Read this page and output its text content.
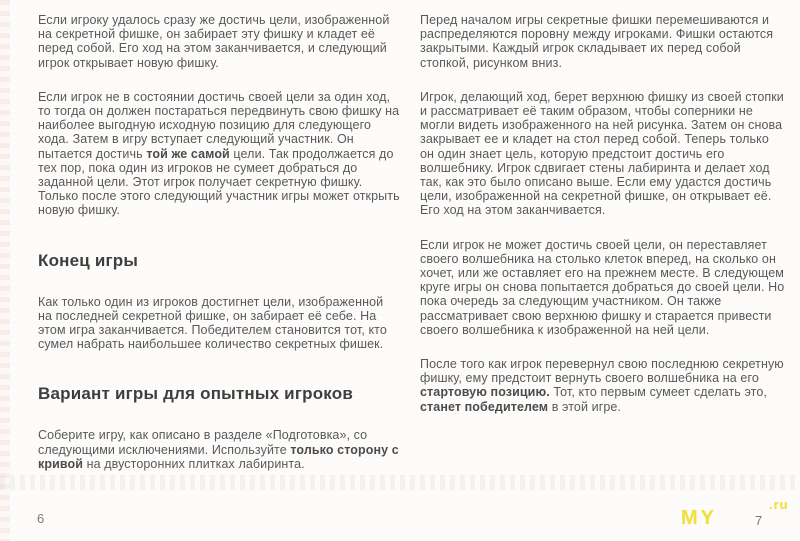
Если игроку удалось сразу же достичь цели, изображенной на секретной фишке, он забирает эту фишку и кладет её перед собой. Его ход на этом заканчивается, и следующий игрок открывает новую фишку.

Если игрок не в состоянии достичь своей цели за один ход, то тогда он должен постараться передвинуть свою фишку на наиболее выгодную исходную позицию для следующего хода. Затем в игру вступает следующий участник. Он пытается достичь той же самой цели. Так продолжается до тех пор, пока один из игроков не сумеет добраться до заданной цели. Этот игрок получает секретную фишку. Только после этого следующий участник игры может открыть новую фишку.

Конец игры

Как только один из игроков достигнет цели, изображенной на последней секретной фишке, он забирает её себе. На этом игра заканчивается. Победителем становится тот, кто сумел набрать наибольшее количество секретных фишек.

Вариант игры для опытных игроков

Соберите игру, как описано в разделе «Подготовка», со следующими исключениями. Используйте только сторону с кривой на двусторонних плитках лабиринта.

Перед началом игры секретные фишки перемешиваются и распределяются поровну между игроками. Фишки остаются закрытыми. Каждый игрок складывает их перед собой стопкой, рисунком вниз.

Игрок, делающий ход, берет верхнюю фишку из своей стопки и рассматривает её таким образом, чтобы соперники не могли видеть изображенного на ней рисунка. Затем он снова закрывает ее и кладет на стол перед собой. Теперь только он один знает цель, которую предстоит достичь его волшебнику. Игрок сдвигает стены лабиринта и делает ход так, как это было описано выше. Если ему удастся достичь цели, изображенной на секретной фишке, он открывает её. Его ход на этом заканчивается.

Если игрок не может достичь своей цели, он переставляет своего волшебника на столько клеток вперед, на сколько он хочет, или же оставляет его на прежнем месте. В следующем круге игры он снова попытается добраться до своей цели. Но пока очередь за следующим участником. Он также рассматривает свою верхнюю фишку и старается привести своего волшебника к изображенной на ней цели.

После того как игрок перевернул свою последнюю секретную фишку, ему предстоит вернуть своего волшебника на его стартовую позицию. Тот, кто первым сумеет сделать это, станет победителем в этой игре.

6	7
MY
.ru
